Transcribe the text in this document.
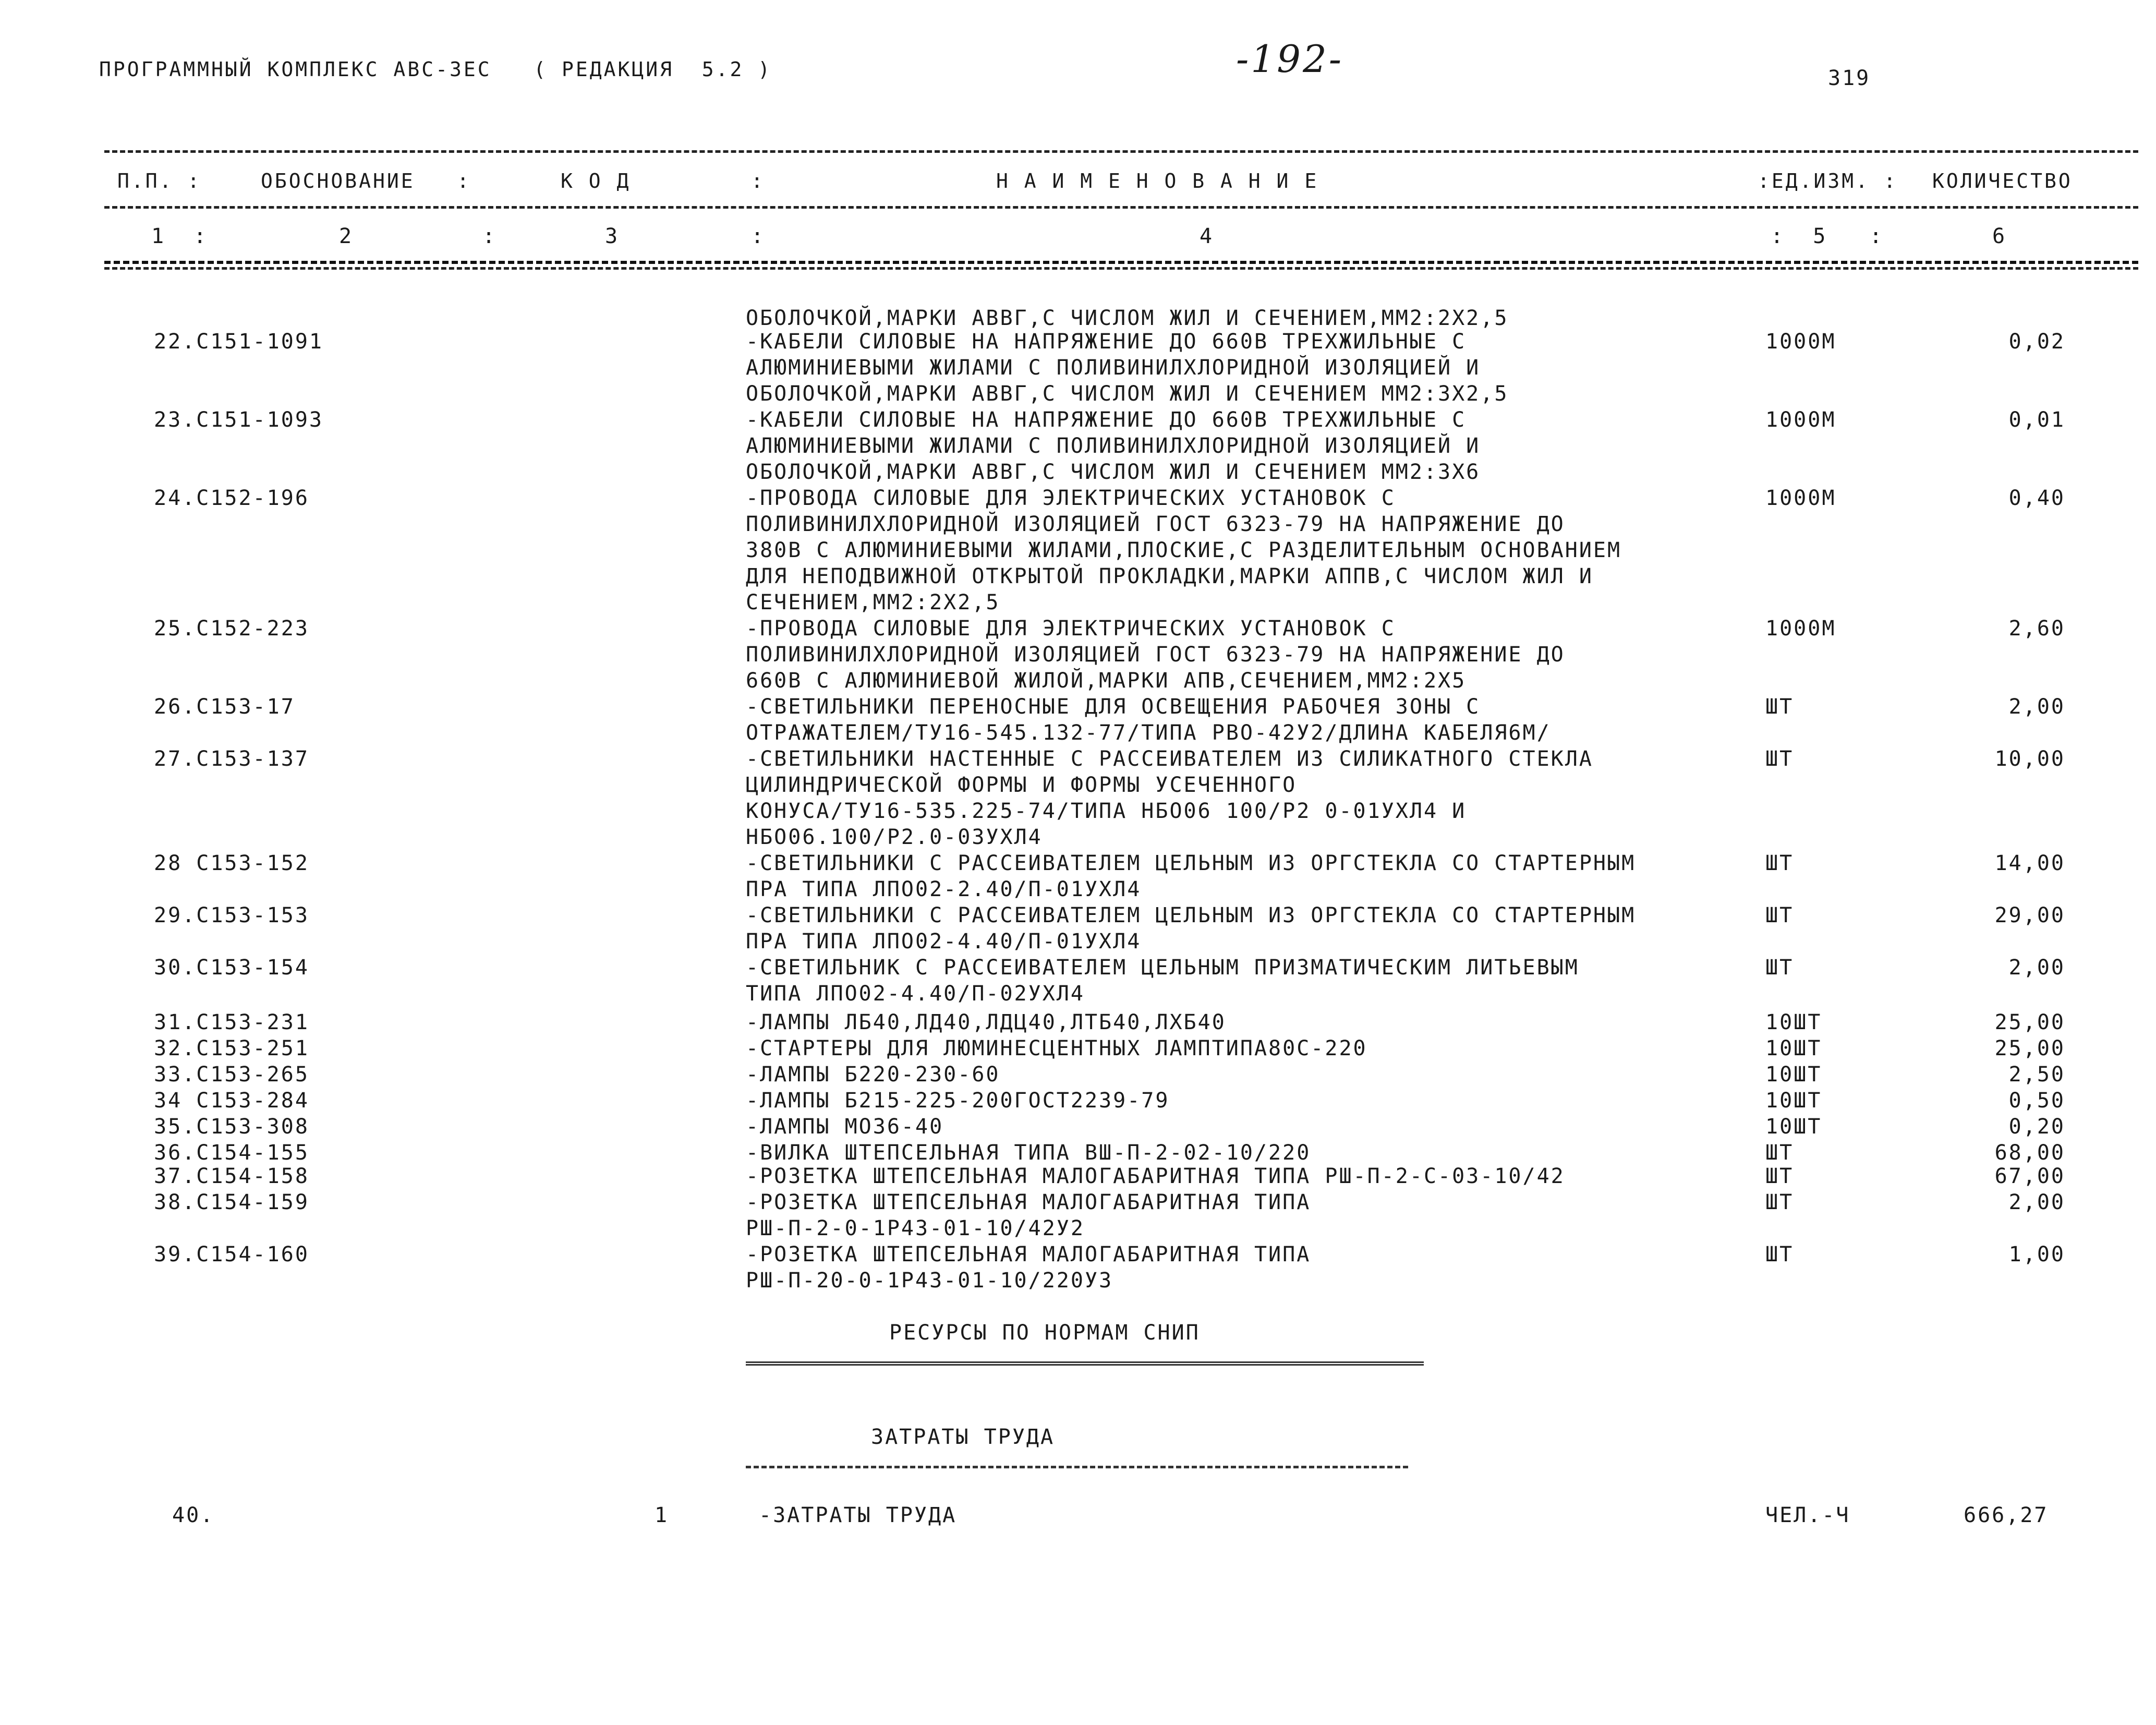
ПРОГРАММНЫЙ КОМПЛЕКС АВС-3ЕС   ( РЕДАКЦИЯ  5.2 )	-192-	319
П.П. :	ОБОСНОВАНИЕ   :	К О Д	:	Н А И М Е Н О В А Н И Е	:ЕД.ИЗМ. : КОЛИЧЕСТВО
1  :	2	:	3	:	4	:  5   :	6
ОБОЛОЧКОЙ,МАРКИ АВВГ,С ЧИСЛОМ ЖИЛ И СЕЧЕНИЕМ,ММ2:2Х2,5
22.С151-1091	-КАБЕЛИ СИЛОВЫЕ НА НАПРЯЖЕНИЕ ДО 660В ТРЕХЖИЛЬНЫЕ С
АЛЮМИНИЕВЫМИ ЖИЛАМИ С ПОЛИВИНИЛХЛОРИДНОЙ ИЗОЛЯЦИЕЙ И
ОБОЛОЧКОЙ,МАРКИ АВВГ,С ЧИСЛОМ ЖИЛ И СЕЧЕНИЕМ ММ2:3Х2,5
1000М	0,02
23.С151-1093	-КАБЕЛИ СИЛОВЫЕ НА НАПРЯЖЕНИЕ ДО 660В ТРЕХЖИЛЬНЫЕ С
АЛЮМИНИЕВЫМИ ЖИЛАМИ С ПОЛИВИНИЛХЛОРИДНОЙ ИЗОЛЯЦИЕЙ И
ОБОЛОЧКОЙ,МАРКИ АВВГ,С ЧИСЛОМ ЖИЛ И СЕЧЕНИЕМ ММ2:3Х6
1000М	0,01
24.С152-196	-ПРОВОДА СИЛОВЫЕ ДЛЯ ЭЛЕКТРИЧЕСКИХ УСТАНОВОК С
ПОЛИВИНИЛХЛОРИДНОЙ ИЗОЛЯЦИЕЙ ГОСТ 6323-79 НА НАПРЯЖЕНИЕ ДО
380В С АЛЮМИНИЕВЫМИ ЖИЛАМИ,ПЛОСКИЕ,С РАЗДЕЛИТЕЛЬНЫМ ОСНОВАНИЕМ
ДЛЯ НЕПОДВИЖНОЙ ОТКРЫТОЙ ПРОКЛАДКИ,МАРКИ АППВ,С ЧИСЛОМ ЖИЛ И
СЕЧЕНИЕМ,ММ2:2Х2,5
1000М	0,40
25.С152-223	-ПРОВОДА СИЛОВЫЕ ДЛЯ ЭЛЕКТРИЧЕСКИХ УСТАНОВОК С
ПОЛИВИНИЛХЛОРИДНОЙ ИЗОЛЯЦИЕЙ ГОСТ 6323-79 НА НАПРЯЖЕНИЕ ДО
660В С АЛЮМИНИЕВОЙ ЖИЛОЙ,МАРКИ АПВ,СЕЧЕНИЕМ,ММ2:2Х5
1000М	2,60
26.С153-17	-СВЕТИЛЬНИКИ ПЕРЕНОСНЫЕ ДЛЯ ОСВЕЩЕНИЯ РАБОЧЕЯ ЗОНЫ С
ОТРАЖАТЕЛЕМ/ТУ16-545.132-77/ТИПА РВО-42У2/ДЛИНА КАБЕЛЯ6М/
ШТ	2,00
27.С153-137	-СВЕТИЛЬНИКИ НАСТЕННЫЕ С РАССЕИВАТЕЛЕМ ИЗ СИЛИКАТНОГО СТЕКЛА
ЦИЛИНДРИЧЕСКОЙ ФОРМЫ И ФОРМЫ УСЕЧЕННОГО
КОНУСА/ТУ16-535.225-74/ТИПА НБО06 100/Р2 0-01УХЛ4 И
НБО06.100/Р2.0-03УХЛ4
ШТ	10,00
28 С153-152	-СВЕТИЛЬНИКИ С РАССЕИВАТЕЛЕМ ЦЕЛЬНЫМ ИЗ ОРГСТЕКЛА СО СТАРТЕРНЫМ
ПРА ТИПА ЛПО02-2.40/П-01УХЛ4
ШТ	14,00
29.С153-153	-СВЕТИЛЬНИКИ С РАССЕИВАТЕЛЕМ ЦЕЛЬНЫМ ИЗ ОРГСТЕКЛА СО СТАРТЕРНЫМ
ПРА ТИПА ЛПО02-4.40/П-01УХЛ4
ШТ	29,00
30.С153-154	-СВЕТИЛЬНИК С РАССЕИВАТЕЛЕМ ЦЕЛЬНЫМ ПРИЗМАТИЧЕСКИМ ЛИТЬЕВЫМ
ТИПА ЛПО02-4.40/П-02УХЛ4
ШТ	2,00
31.С153-231	-ЛАМПЫ ЛБ40,ЛД40,ЛДЦ40,ЛТБ40,ЛХБ40	10ШТ	25,00
32.С153-251	-СТАРТЕРЫ ДЛЯ ЛЮМИНЕСЦЕНТНЫХ ЛАМПТИПА80С-220	10ШТ	25,00
33.С153-265	-ЛАМПЫ Б220-230-60	10ШТ	2,50
34 С153-284	-ЛАМПЫ Б215-225-200ГОСТ2239-79	10ШТ	0,50
35.С153-308	-ЛАМПЫ МО36-40	10ШТ	0,20
36.С154-155	-ВИЛКА ШТЕПСЕЛЬНАЯ ТИПА ВШ-П-2-02-10/220	ШТ	68,00
37.С154-158	-РОЗЕТКА ШТЕПСЕЛЬНАЯ МАЛОГАБАРИТНАЯ ТИПА РШ-П-2-С-03-10/42	ШТ	67,00
38.С154-159	-РОЗЕТКА ШТЕПСЕЛЬНАЯ МАЛОГАБАРИТНАЯ ТИПА
РШ-П-2-0-1Р43-01-10/42У2
ШТ	2,00
39.С154-160	-РОЗЕТКА ШТЕПСЕЛЬНАЯ МАЛОГАБАРИТНАЯ ТИПА
РШ-П-20-0-1Р43-01-10/220У3
ШТ	1,00
РЕСУРСЫ ПО НОРМАМ СНИП
ЗАТРАТЫ ТРУДА
40.	1	-ЗАТРАТЫ ТРУДА	ЧЕЛ.-Ч	666,27
